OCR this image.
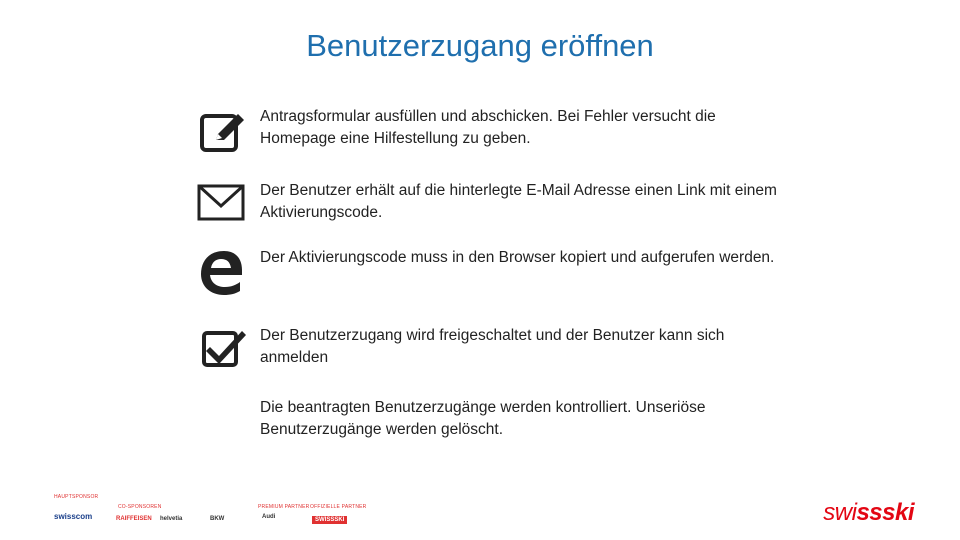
Benutzerzugang eröffnen
Antragsformular ausfüllen und abschicken. Bei Fehler versucht die Homepage eine Hilfestellung zu geben.
Der Benutzer erhält auf die hinterlegte E-Mail Adresse einen Link mit einem Aktivierungscode.
Der Aktivierungscode muss in den Browser kopiert und aufgerufen werden.
Der Benutzerzugang wird freigeschaltet und der Benutzer kann sich anmelden
Die beantragten Benutzerzugänge werden kontrolliert. Unseriöse Benutzerzugänge werden gelöscht.
HAUPTSPONSOR
CO-SPONSOREN	PREMIUM PARTNER OFFIZIELLE PARTNER
swisscom	RAIFFEISEN helvetia	BKW	Audi	SWISSSKI	swissski
